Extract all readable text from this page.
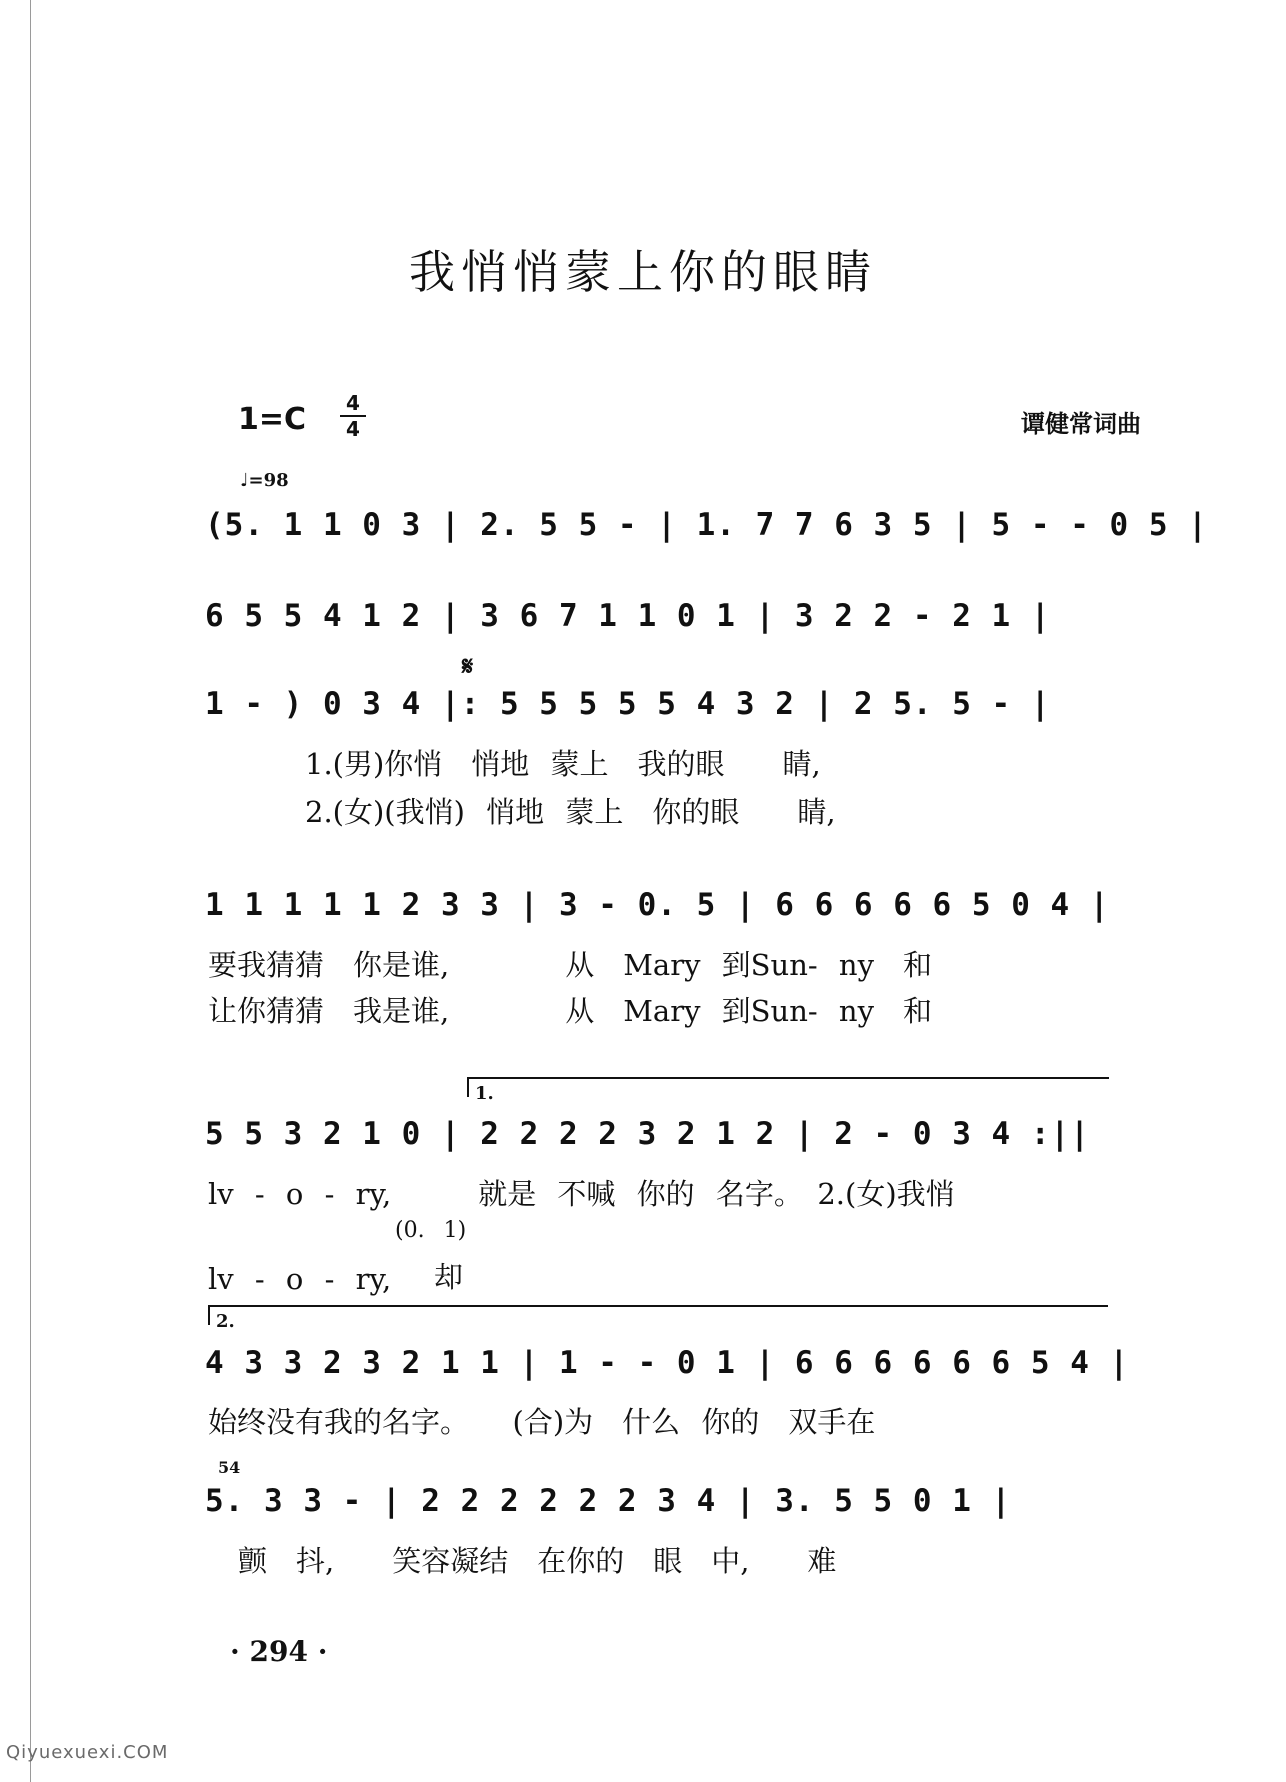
我悄悄蒙上你的眼睛
1=C	4
4	谭健常词曲
♩=98
(5. 1 1 0 3 | 2. 5 5 - | 1. 7 7 6 3 5 | 5 - - 0 5 |
6 5 5 4 1 2 | 3 6 7 1 1 0 1 | 3 2 2 - 2 1 |
𝄋
1 - ) 0 3 4 |: 5 5 5 5 5 4 3 2 | 2 5. 5 - |
1.(男)你悄　悄地 蒙上　我的眼　　睛,
2.(女)(我悄) 悄地 蒙上　你的眼　　睛,
1 1 1 1 1 2 3 3 | 3 - 0. 5 | 6 6 6 6 6 5 0 4 |
要我猜猜　你是谁,　　　　从　Mary 到Sun- ny　和
让你猜猜　我是谁,　　　　从　Mary 到Sun- ny　和
1.
5 5 3 2 1 0 | 2 2 2 2 3 2 1 2 | 2 - 0 3 4 :||
lv - o - ry,　　　就是 不喊 你的 名字。　2.(女)我悄
(0. 1)
lv - o - ry, 却
2.
4 3 3 2 3 2 1 1 | 1 - - 0 1 | 6 6 6 6 6 6 5 4 |
始终没有我的名字。　　(合)为　什么 你的　双手在
54
5. 3 3 - | 2 2 2 2 2 2 3 4 | 3. 5 5 0 1 |
颤　抖,　　笑容凝结　在你的　眼　中,　　难
· 294 ·
Qiyuexuexi.COM
